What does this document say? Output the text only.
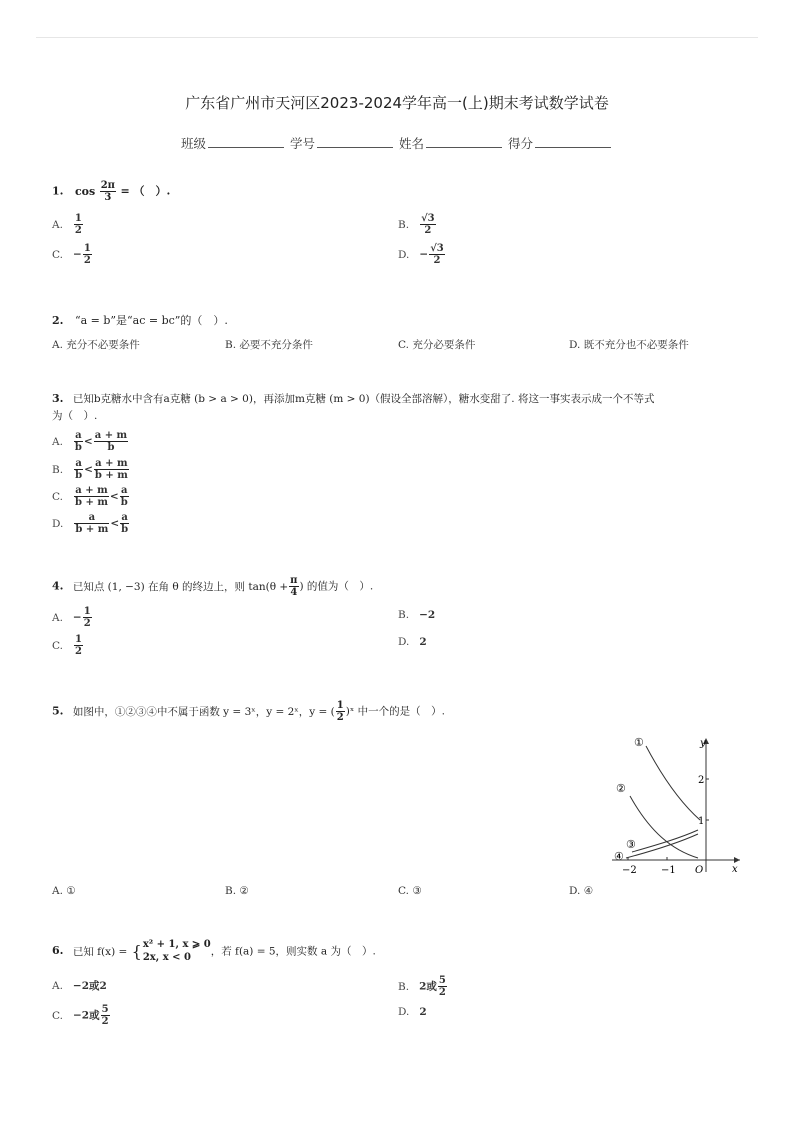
广东省广州市天河区2023-2024学年高一(上)期末考试数学试卷
班级	学号	姓名	得分
1. $\cos \frac{2\pi}{3}$ = （　）.
A. $\frac{1}{2}$	B. $\frac{√3}{2}$
C. − $\frac{1}{2}$	D. − $\frac{√3}{2}$
2. “a = b”是“ac = bc”的（　）.
A. 充分不必要条件	B. 必要不充分条件	C. 充分必要条件	D. 既不充分也不必要条件
3. 已知b克糖水中含有a克糖 (b > a > 0)，再添加m克糖 (m > 0)（假设全部溶解），糖水变甜了. 将这一事实表示成一个不等式
为（　）.
A. $\frac{a}{b} < \frac{a + m}{b}$
B. $\frac{a}{b} < \frac{a + m}{b + m}$
C. $\frac{a + m}{b + m} < \frac{a}{b}$
D. $\frac{a}{b + m} < \frac{a}{b}$
4. 已知点 (1, −3) 在角 θ 的终边上，则 $\tan(\theta + \frac{\pi}{4}$ ) 的值为（　）.
A. − $\frac{1}{2}$	B. −2
C. $\frac{1}{2}$	D. 2
5. 如图中，①②③④中不属于函数 y = 3ˣ，y = 2ˣ，y = ( $\frac{1}{2}$ )ˣ 中一个的是（　）.
y
x
O
2
1
−2 −1
①
②
③
④
A. ①	B. ②	C. ③	D. ④
6. 已知 f(x) = { x² + 1, x ⩾ 0
2x, x < 0	，若 f(a) = 5，则实数 a 为（　）.
A. −2或2	B. 2或 $\frac{5}{2}$
C. −2或 $\frac{5}{2}$	D. 2
